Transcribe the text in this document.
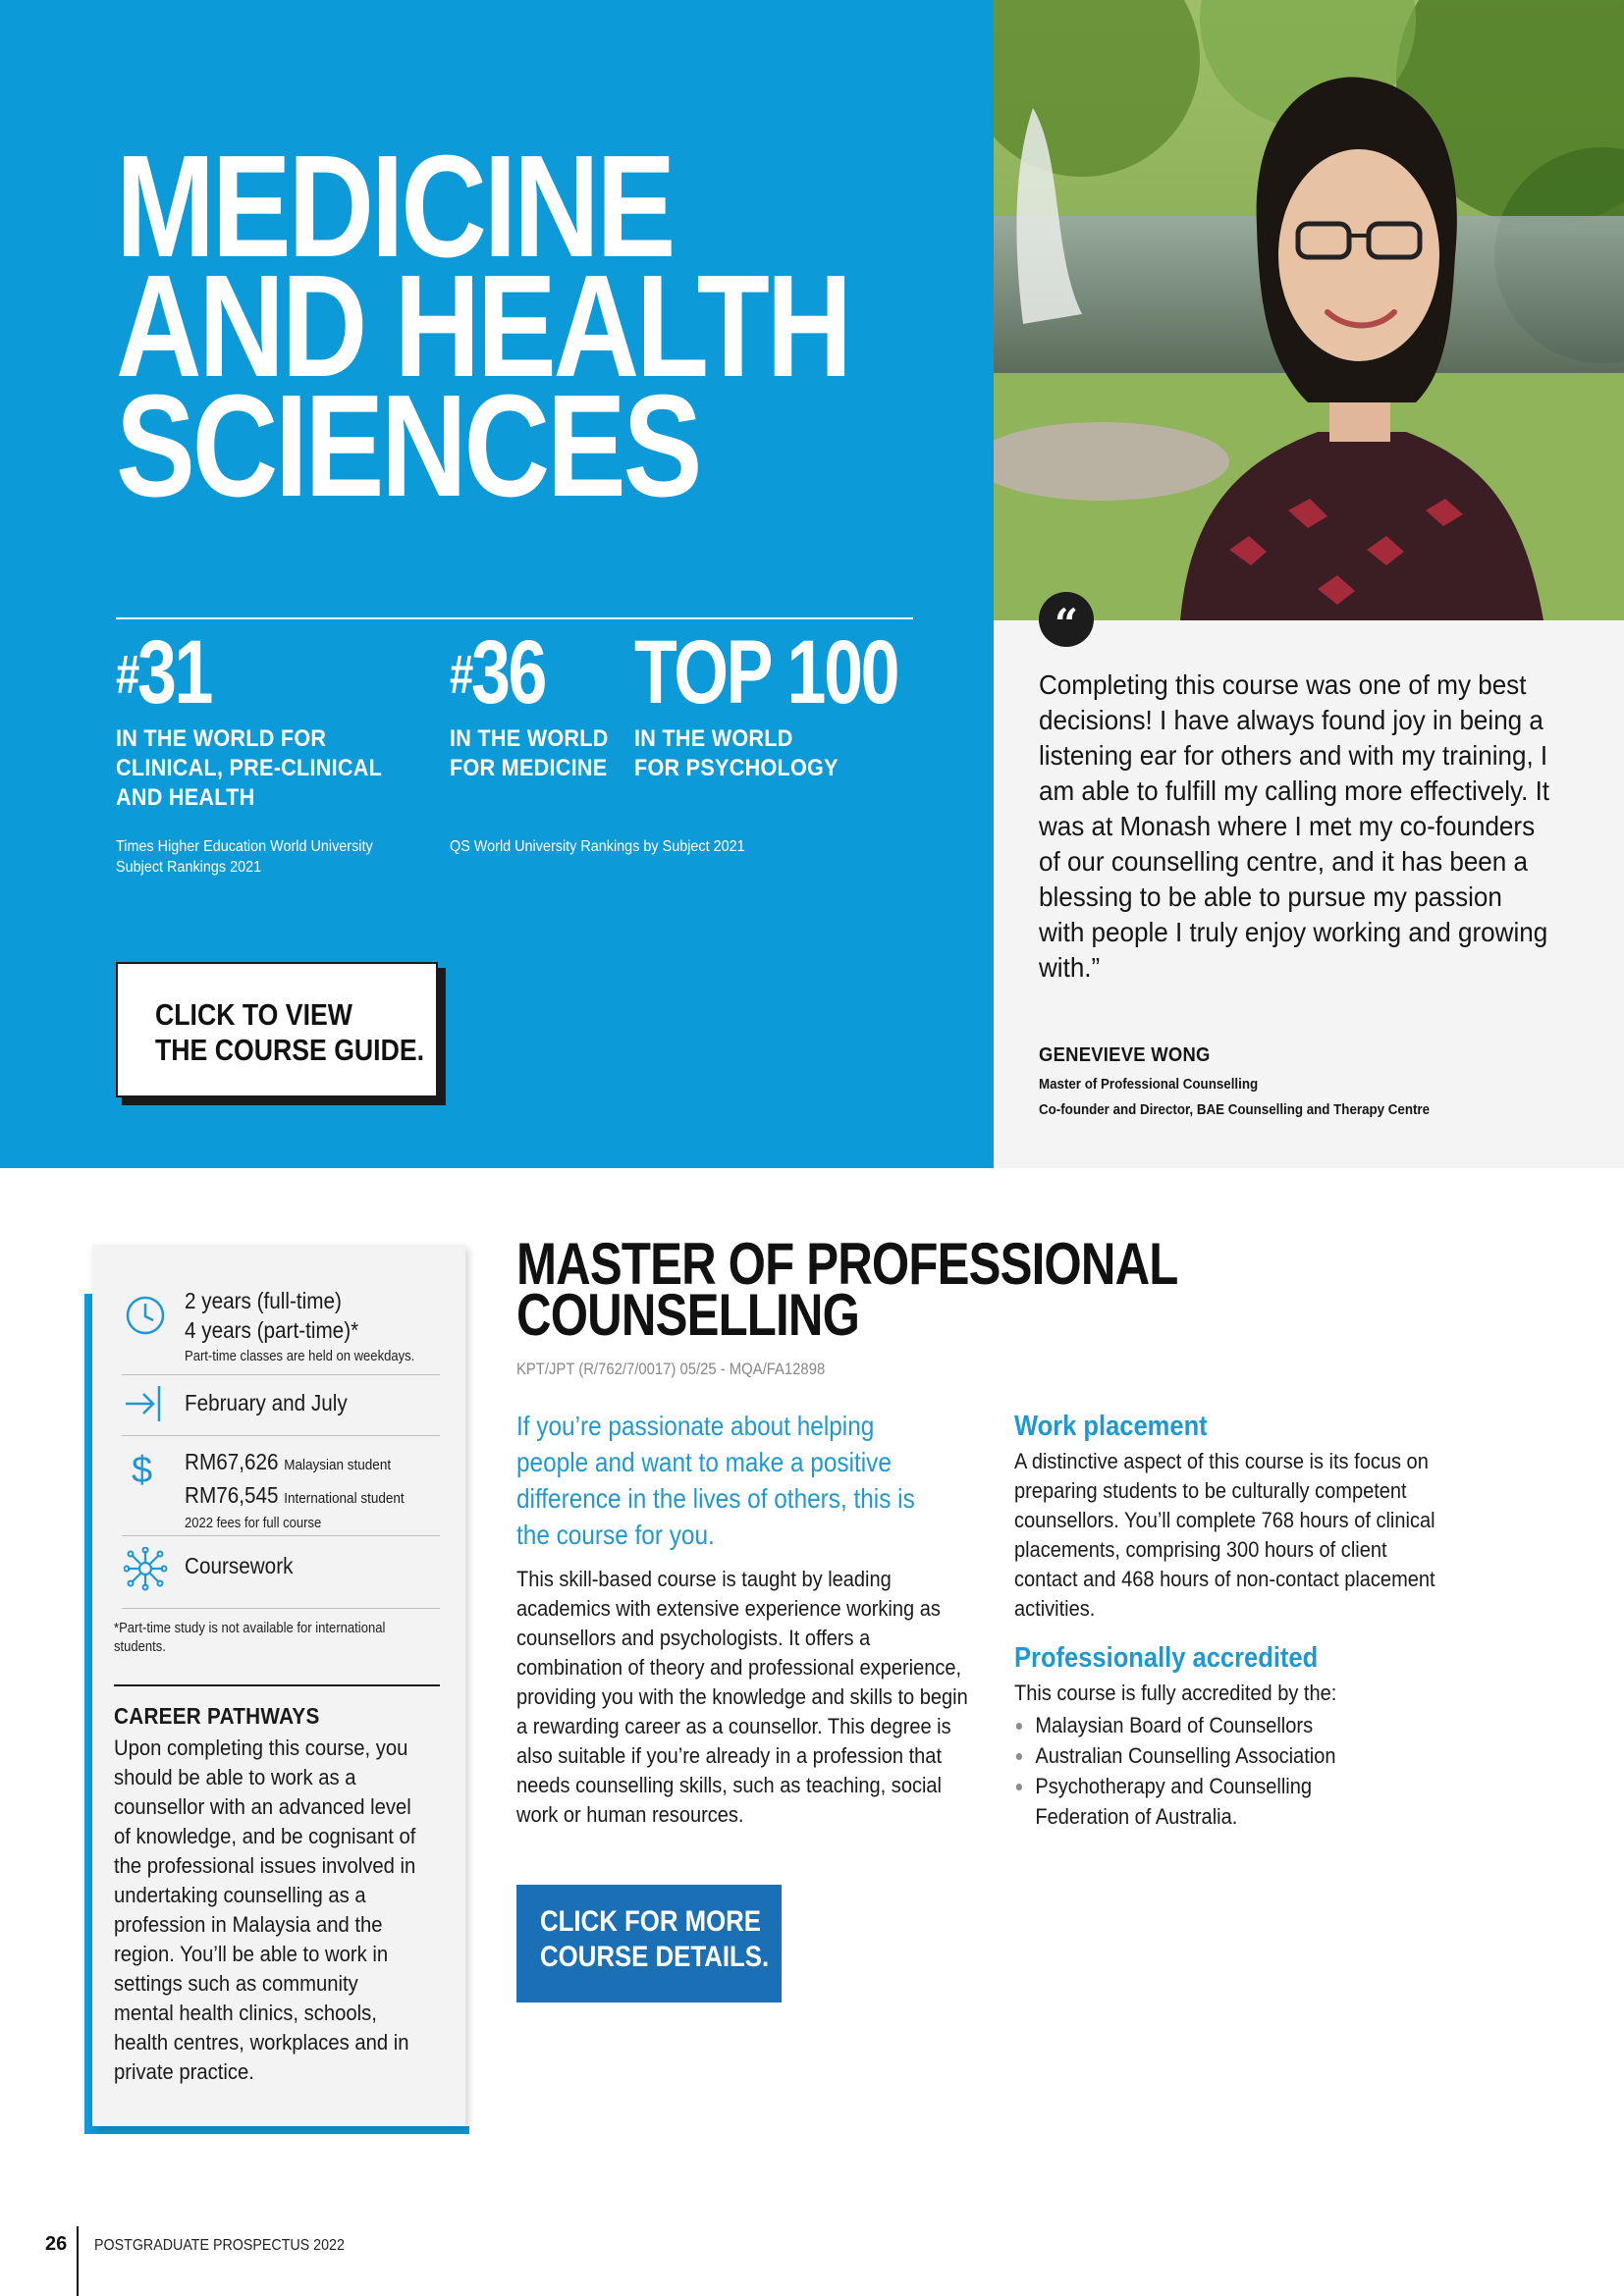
MEDICINE
AND HEALTH
SCIENCES
#31
IN THE WORLD FOR
CLINICAL, PRE-CLINICAL
AND HEALTH
Times Higher Education World University
Subject Rankings 2021
#36
IN THE WORLD
FOR MEDICINE
QS World University Rankings by Subject 2021
TOP 100
IN THE WORLD
FOR PSYCHOLOGY
CLICK TO VIEW
THE COURSE GUIDE.
“
Completing this course was one of my best decisions! I have always found joy in being a listening ear for others and with my training, I am able to fulfill my calling more effectively. It was at Monash where I met my co-founders of our counselling centre, and it has been a blessing to be able to pursue my passion with people I truly enjoy working and growing with.”
GENEVIEVE WONG
Master of Professional Counselling
Co-founder and Director, BAE Counselling and Therapy Centre
2 years (full-time)
4 years (part-time)*
Part-time classes are held on weekdays.
February and July
$ RM67,626 Malaysian student
RM76,545 International student
2022 fees for full course
Coursework
*Part-time study is not available for international students.
CAREER PATHWAYS
Upon completing this course, you should be able to work as a counsellor with an advanced level of knowledge, and be cognisant of the professional issues involved in undertaking counselling as a profession in Malaysia and the region. You’ll be able to work in settings such as community mental health clinics, schools, health centres, workplaces and in private practice.
MASTER OF PROFESSIONAL
COUNSELLING
KPT/JPT (R/762/7/0017) 05/25 - MQA/FA12898
If you’re passionate about helping people and want to make a positive difference in the lives of others, this is the course for you.
This skill-based course is taught by leading academics with extensive experience working as counsellors and psychologists. It offers a combination of theory and professional experience, providing you with the knowledge and skills to begin a rewarding career as a counsellor. This degree is also suitable if you’re already in a profession that needs counselling skills, such as teaching, social work or human resources.
CLICK FOR MORE
COURSE DETAILS.
Work placement
A distinctive aspect of this course is its focus on preparing students to be culturally competent counsellors. You’ll complete 768 hours of clinical placements, comprising 300 hours of client contact and 468 hours of non-contact placement activities.
Professionally accredited
This course is fully accredited by the:
Malaysian Board of Counsellors
Australian Counselling Association
Psychotherapy and Counselling Federation of Australia.
26 POSTGRADUATE PROSPECTUS 2022
